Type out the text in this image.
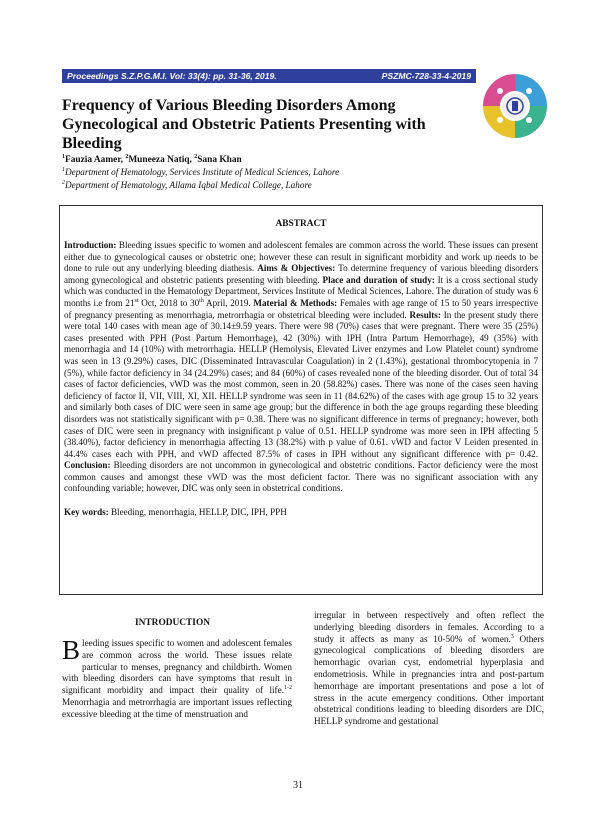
Proceedings S.Z.P.G.M.I. Vol: 33(4): pp. 31-36, 2019.	PSZMC-728-33-4-2019
Frequency of Various Bleeding Disorders Among Gynecological and Obstetric Patients Presenting with Bleeding
$^1$Fauzia Aamer, $^2$Muneeza Natiq, $^2$Sana Khan
$^1$Department of Hematology, Services Institute of Medical Sciences, Lahore
$^2$Department of Hematology, Allama Iqbal Medical College, Lahore

ABSTRACT

Introduction: Bleeding issues specific to women and adolescent females are common across the world. These issues can present either due to gynecological causes or obstetric one; however these can result in significant morbidity and work up needs to be done to rule out any underlying bleeding diathesis. Aims & Objectives: To determine frequency of various bleeding disorders among gynecological and obstetric patients presenting with bleeding. Place and duration of study: It is a cross sectional study which was conducted in the Hematology Department, Services Institute of Medical Sciences, Lahore. The duration of study was 6 months i.e from 21st Oct, 2018 to 30th April, 2019. Material & Methods: Females with age range of 15 to 50 years irrespective of pregnancy presenting as menorrhagia, metrorrhagia or obstetrical bleeding were included. Results: In the present study there were total 140 cases with mean age of 30.14±9.59 years. There were 98 (70%) cases that were pregnant. There were 35 (25%) cases presented with PPH (Post Partum Hemorrhage), 42 (30%) with IPH (Intra Partum Hemorrhage), 49 (35%) with menorrhagia and 14 (10%) with metrorrhagia. HELLP (Hemolysis, Elevated Liver enzymes and Low Platelet count) syndrome was seen in 13 (9.29%) cases, DIC (Disseminated Intravascular Coagulation) in 2 (1.43%), gestational thrombocytopenia in 7 (5%), while factor deficiency in 34 (24.29%) cases; and 84 (60%) of cases revealed none of the bleeding disorder. Out of total 34 cases of factor deficiencies, vWD was the most common, seen in 20 (58.82%) cases. There was none of the cases seen having deficiency of factor II, VII, VIII, XI, XII. HELLP syndrome was seen in 11 (84.62%) of the cases with age group 15 to 32 years and similarly both cases of DIC were seen in same age group; but the difference in both the age groups regarding these bleeding disorders was not statistically significant with p= 0.38. There was no significant difference in terms of pregnancy; however, both cases of DIC were seen in pregnancy with insignificant p value of 0.51. HELLP syndrome was more seen in IPH affecting 5 (38.40%), factor deficiency in menorrhagia affecting 13 (38.2%) with p value of 0.61. vWD and factor V Leiden presented in 44.4% cases each with PPH, and vWD affected 87.5% of cases in IPH without any significant difference with p= 0.42. Conclusion: Bleeding disorders are not uncommon in gynecological and obstetric conditions. Factor deficiency were the most common causes and amongst these vWD was the most deficient factor. There was no significant association with any confounding variable; however, DIC was only seen in obstetrical conditions.

Key words: Bleeding, menorrhagia, HELLP, DIC, IPH, PPH

INTRODUCTION

Bleeding issues specific to women and adolescent females are common across the world. These issues relate particular to menses, pregnancy and childbirth. Women with bleeding disorders can have symptoms that result in significant morbidity and impact their quality of life.$^{1-2}$ Menorrhagia and metrorrhagia are important issues reflecting excessive bleeding at the time of menstruation and

irregular in between respectively and often reflect the underlying bleeding disorders in females. According to a study it affects as many as 10-50% of women.$^3$ Others gynecological complications of bleeding disorders are hemorrhagic ovarian cyst, endometrial hyperplasia and endometriosis. While in pregnancies intra and post-partum hemorrhage are important presentations and pose a lot of stress in the acute emergency conditions. Other important obstetrical conditions leading to bleeding disorders are DIC, HELLP syndrome and gestational

31
